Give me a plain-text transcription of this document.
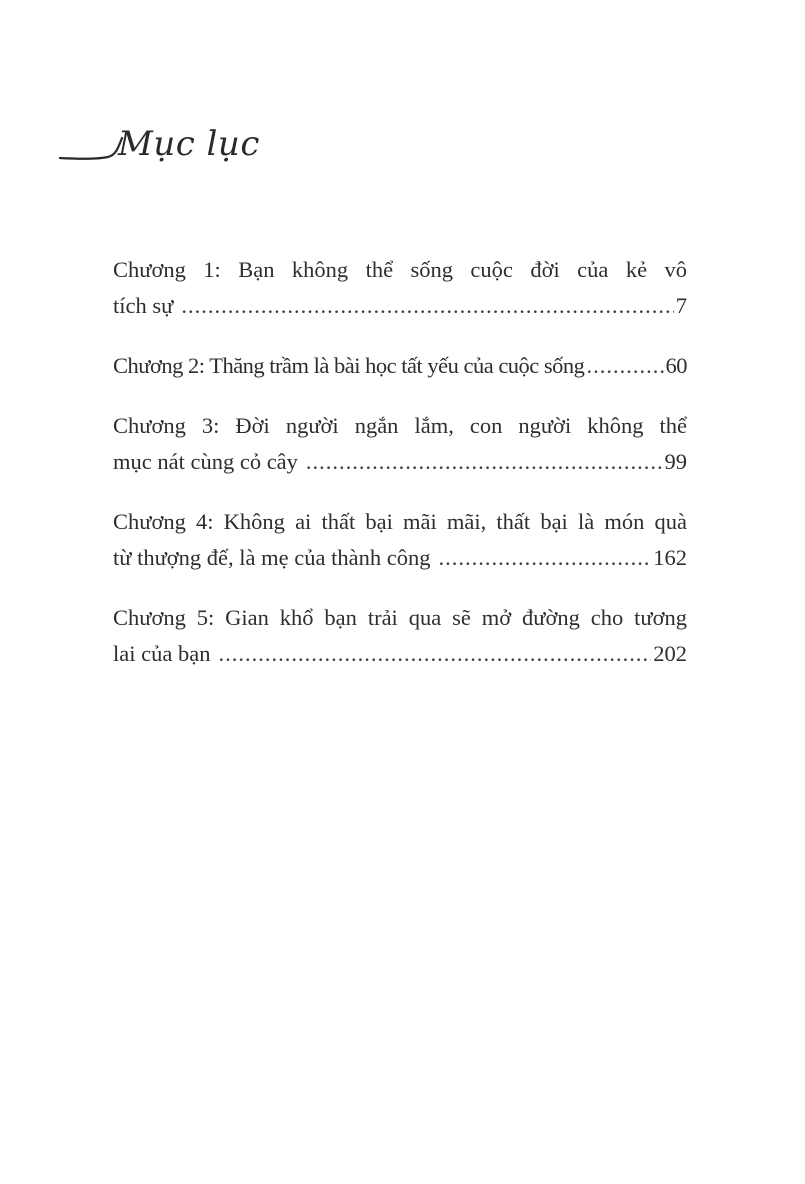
Mục lục
Chương 1: Bạn không thể sống cuộc đời của kẻ vô
tích sự .....	7
Chương 2: Thăng trầm là bài học tất yếu của cuộc sống .....	60
Chương 3: Đời người ngắn lắm, con người không thể
mục nát cùng cỏ cây .....	99
Chương 4: Không ai thất bại mãi mãi, thất bại là món quà
từ thượng đế, là mẹ của thành công .....	162
Chương 5: Gian khổ bạn trải qua sẽ mở đường cho tương
lai của bạn .....	202
